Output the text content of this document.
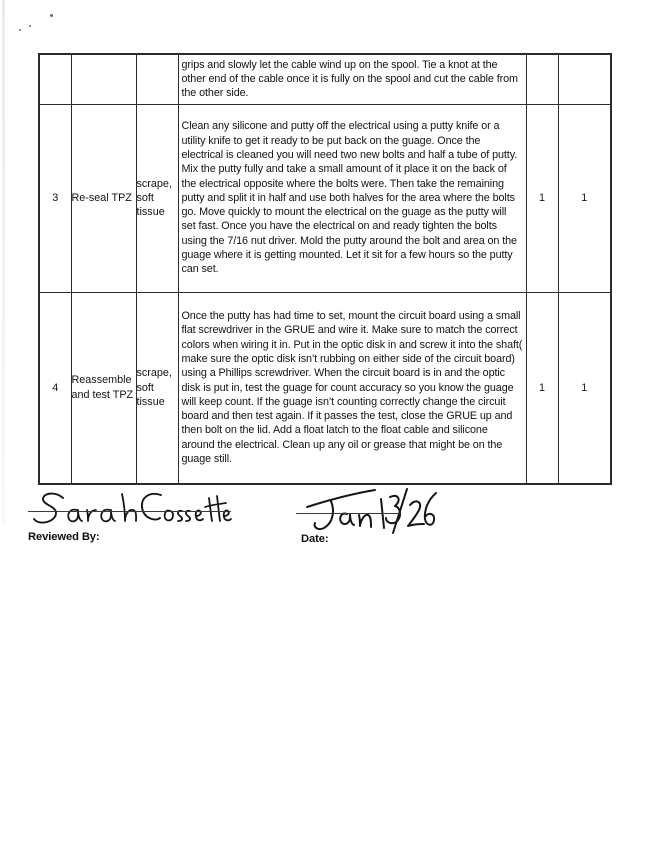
			grips and slowly let the cable wind up on the spool. Tie a knot at the other end of the cable once it is fully on the spool and cut the cable from the other side.		

3	Re-seal TPZ	scrape, soft tissue	Clean any silicone and putty off the electrical using a putty knife or a utility knife to get it ready to be put back on the guage. Once the electrical is cleaned you will need two new bolts and half a tube of putty. Mix the putty fully and take a small amount of it place it on the back of the electrical opposite where the bolts were. Then take the remaining putty and split it in half and use both halves for the area where the bolts go. Move quickly to mount the electrical on the guage as the putty will set fast. Once you have the electrical on and ready tighten the bolts using the 7/16 nut driver. Mold the putty around the bolt and area on the guage where it is getting mounted. Let it sit for a few hours so the putty can set.	1	1
4	Reassemble and test TPZ	scrape, soft tissue	Once the putty has had time to set, mount the circuit board using a small flat screwdriver in the GRUE and wire it. Make sure to match the correct colors when wiring it in. Put in the optic disk in and screw it into the shaft( make sure the optic disk isn’t rubbing on either side of the circuit board) using a Phillips screwdriver. When the circuit board is in and the optic disk is put in, test the guage for count accuracy so you know the guage will keep count. If the guage isn’t counting correctly change the circuit board and then test again. If it passes the test, close the GRUE up and then bolt on the lid. Add a float latch to the float cable and silicone around the electrical. Clean up any oil or grease that might be on the guage still.	1	1
Reviewed By:	Date:
